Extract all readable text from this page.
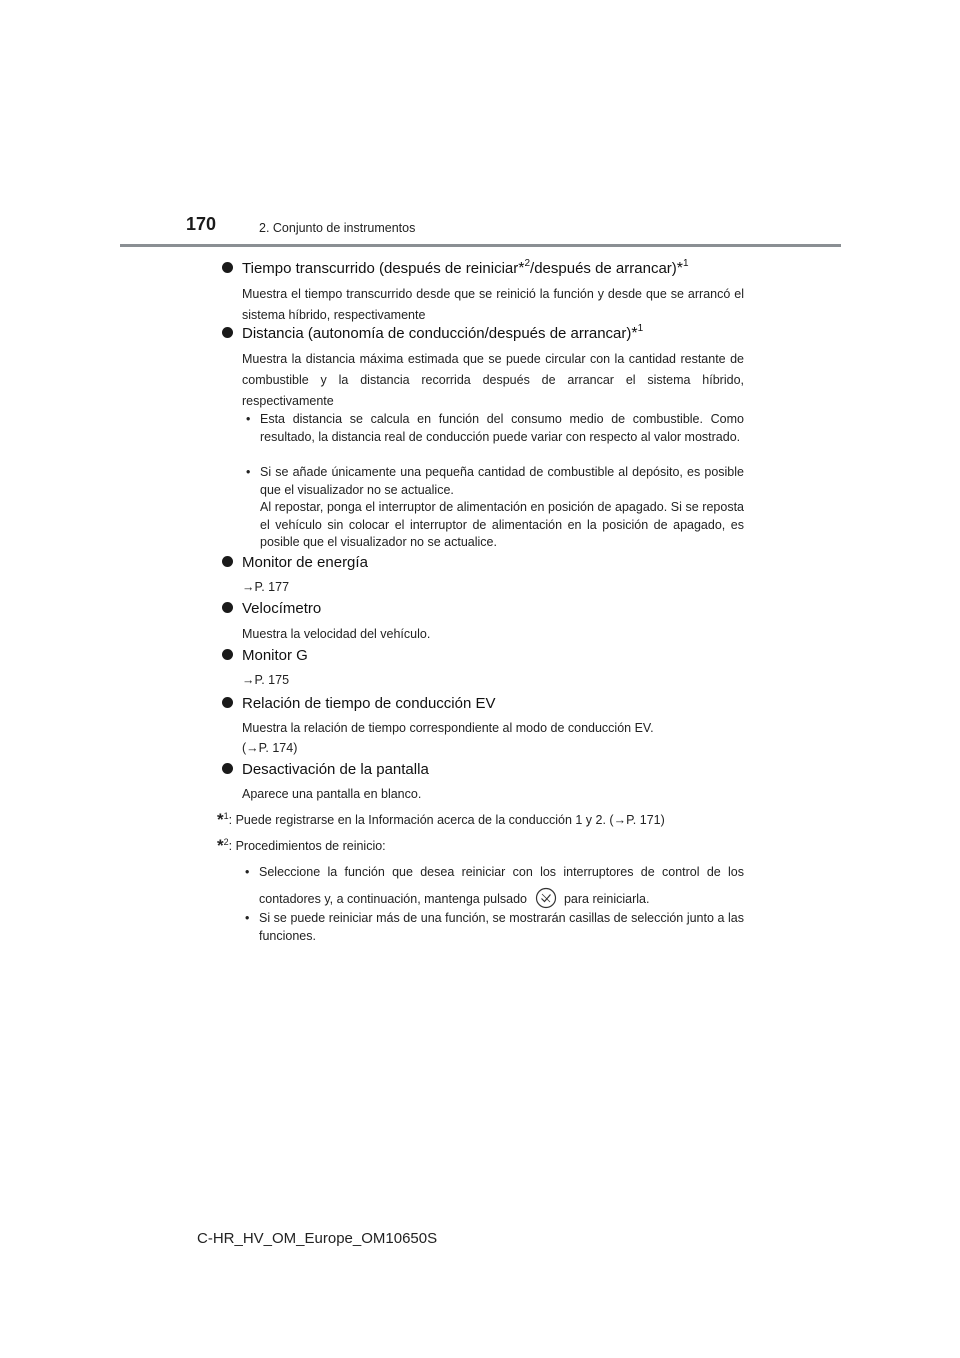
170	2. Conjunto de instrumentos
Tiempo transcurrido (después de reiniciar*$^2$/después de arrancar)*$^1$
Muestra el tiempo transcurrido desde que se reinició la función y desde que se arrancó el sistema híbrido, respectivamente
Distancia (autonomía de conducción/después de arrancar)*$^1$
Muestra la distancia máxima estimada que se puede circular con la cantidad restante de combustible y la distancia recorrida después de arrancar el sistema híbrido, respectivamente
• Esta distancia se calcula en función del consumo medio de combustible. Como resultado, la distancia real de conducción puede variar con respecto al valor mostrado.
• Si se añade únicamente una pequeña cantidad de combustible al depósito, es posible que el visualizador no se actualice.
Al repostar, ponga el interruptor de alimentación en posición de apagado. Si se reposta el vehículo sin colocar el interruptor de alimentación en la posición de apagado, es posible que el visualizador no se actualice.
Monitor de energía
→P. 177
Velocímetro
Muestra la velocidad del vehículo.
Monitor G
→P. 175
Relación de tiempo de conducción EV
Muestra la relación de tiempo correspondiente al modo de conducción EV.
(→P. 174)
Desactivación de la pantalla
Aparece una pantalla en blanco.
*$^1$: Puede registrarse en la Información acerca de la conducción 1 y 2. (→P. 171)
*$^2$: Procedimientos de reinicio:
• Seleccione la función que desea reiniciar con los interruptores de control de los contadores y, a continuación, mantenga pulsado	para reiniciarla.
• Si se puede reiniciar más de una función, se mostrarán casillas de selección junto a las funciones.
C-HR_HV_OM_Europe_OM10650S
